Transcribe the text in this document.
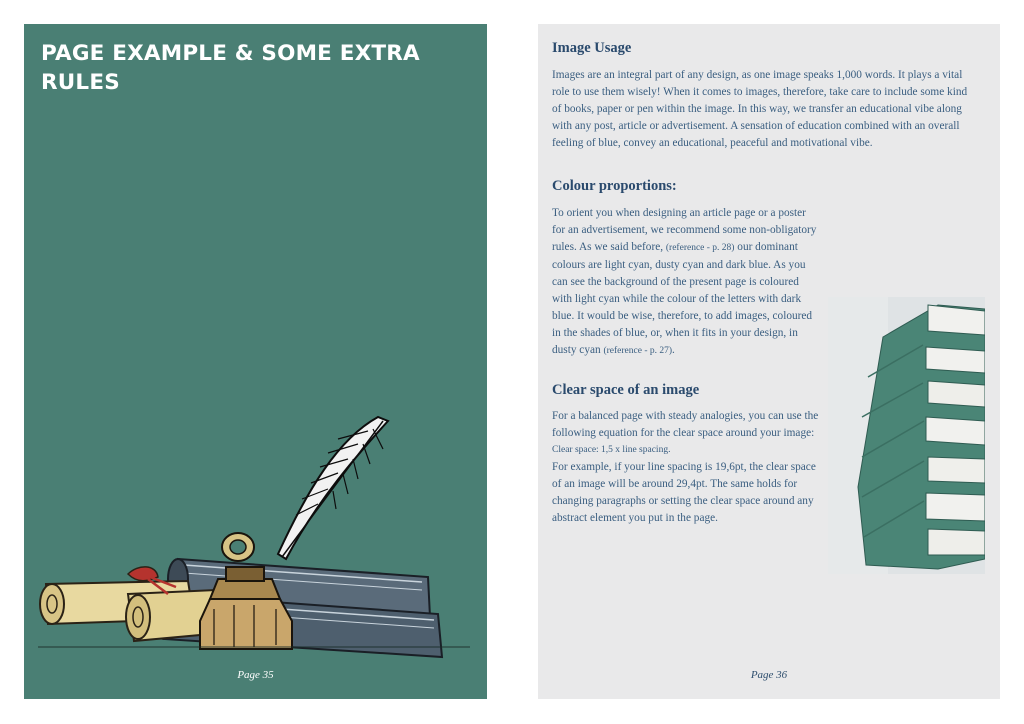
PAGE EXAMPLE & SOME EXTRA RULES
Page 35
Image Usage

Images are an integral part of any design, as one image speaks 1,000 words. It plays a vital role to use them wisely! When it comes to images, therefore, take care to include some kind of books, paper or pen within the image. In this way, we transfer an educational vibe along with any post, article or advertisement. A sensation of education combined with an overall feeling of blue, convey an educational, peaceful and motivational vibe.

Colour proportions:

To orient you when designing an article page or a poster for an advertisement, we recommend some non-obligatory rules. As we said before, (reference - p. 28) our dominant colours are light cyan, dusty cyan and dark blue. As you can see the background of the present page is coloured with light cyan while the colour of the letters with dark blue. It would be wise, therefore, to add images, coloured in the shades of blue, or, when it fits in your design, in dusty cyan (reference - p. 27).

Clear space of an image

For a balanced page with steady analogies, you can use the following equation for the clear space around your image:
Clear space: 1,5 x line spacing.
For example, if your line spacing is 19,6pt, the clear space of an image will be around 29,4pt. The same holds for changing paragraphs or setting the clear space around any abstract element you put in the page.

Page 36
